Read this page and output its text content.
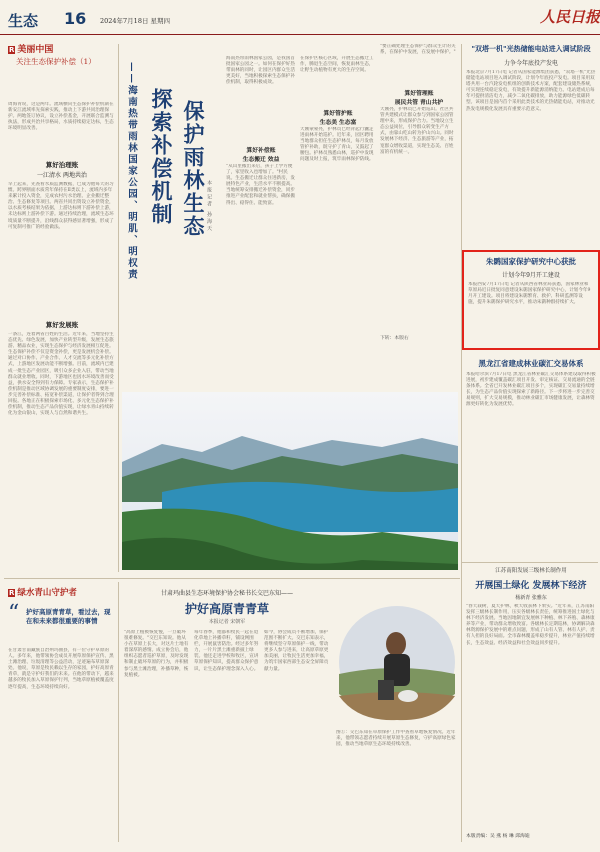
生态 16 2024年7月18日 星期四	人民日报
R 美丽中国
关注生态保护补偿（1）
周海青说，这是两年。流域横向生态保护补偿机制在新安江流域率先探索实践，推动上下游共同治理保护。两地签订协议，设立补偿基金，开展联合监测与执法，形成共治共享格局，水质持续稳定达标，生态环境明显改善。
算好治理账
一江清水 两地共治
早上起来，先查看水质监测数据，已成为他每天的习惯。跨界断面水质常年保持在Ⅱ类以上，流域内多年来累计投入资金，完成农村污水治理、企业搬迁整治、生态修复等项目。两省共同出资设立补偿资金，以水质考核结果为依据，上游达标则下游补偿上游，未达标则上游补偿下游。通过持续治理，流域生态环境质量不断提升，沿线群众获得感显著增强，形成了可复制可推广的经验做法。
算好发展账
一条江，连着两省百姓的生活。近年来，当地坚持生态优先、绿色发展，加快产业转型升级，发展生态旅游、精品农业，实现生态保护与经济发展相互促进。生态保护补偿不仅是资金补偿，更是发展机会补偿。通过对口协作、产业合作、人才交流等多元化补偿方式，上游地区发展动能不断增强。目前，流域内已建成一批生态产业园区，吸引众多企业入驻，带动当地群众就业增收。同时，下游地区也因水环境改善而受益，供水安全得到有力保障。专家表示，生态保护补偿机制是推动区域协调发展的重要制度安排，要进一步完善补偿标准、拓宽补偿渠道，让保护者得到合理回报。各地正在积极探索市场化、多元化生态保护补偿机制，推动生态产品价值实现，让绿水青山持续转化为金山银山，实现人与自然和谐共生。
保护雨林生态
探索补偿机制
——海南热带雨林国家公园、明肌、明权责	本报记者 孙海天
海南热带雨林国家公园，是我国首批国家公园之一。如何在保护好热带雨林的同时，让园区内群众生活更美好，当地积极探索生态保护补偿机制，取得积极成效。
算好补偿账
生态搬迁 效益
"从山里搬出来后，孩子上学方便了，家里收入也增加了。"村民说。生态搬迁让群众住进新房，发展特色产业，生活水平不断提高。当地统筹安排搬迁补偿资金，同步推进产业配套和就业帮扶，确保搬得出、稳得住、能致富。
在保护区核心区域，开展生态搬迁工作，腾退生态空间，恢复雨林生态，让野生动植物有更大的生存空间。
算好管护账
生态美 生态富
天刚蒙蒙亮，护林员已经背起行囊走进雨林开始巡护。近年来，园区聘用当地群众担任生态护林员，每月发放管护补助，既守护了青山，又鼓起了腰包。护林员熟悉山林，巡护中发现问题及时上报，筑牢雨林保护防线。
"要正确处理生态保护与群众生计的关系，在保护中发展，在发展中保护。"
算好管理账
展民共管 青山共护
天刚亮，护林员已开始巡山。社区共管共建模式让群众参与到国家公园管理中来，形成保护合力。当地设立生态公益岗位，引导群众转变生产方式，由靠山吃山转为护山兴山。同时发展林下经济、生态旅游等产业，拓宽群众增收渠道，实现生态美、百姓富的有机统一。
下转：本版右
"双塔一机"光热储能电站进入调试阶段
力争今年底投产发电
本报北京7月17日电 记者从国家能源集团获悉，"双塔一机"光热储能电站项目进入调试阶段，计划今年底投产发电。项目采用双塔共用一台汽轮发电机组的创新技术方案，配套建设储热系统，可实现连续稳定发电，有效提升新能源消纳能力。电站建成后每年可提供清洁电力，减少二氧化碳排放，助力能源绿色低碳转型。该项目是国内首个采用此类技术的光热储能电站，对推动光热发电规模化发展具有重要示范意义。
朱鹮国家保护研究中心获批
计划今年9月开工建设
本报西安7月17日电 记者从陕西省林业局获悉，国家林业和草原局近日批复同意建设朱鹮国家保护研究中心，计划今年9月开工建设。项目将建设朱鹮繁育、救护、科研监测等设施，提升朱鹮保护研究水平，推动朱鹮种群持续扩大。
黑龙江省建成林业碳汇交易体系
本报哈尔滨7月17日电 黑龙江省林业碳汇交易体系建设取得积极进展，初步建成覆盖碳汇项目开发、审定核证、交易流通的全链条体系。全省已开发林业碳汇项目多个，实现碳汇交易量持续增长，为生态产品价值实现探索了新路径。下一步将进一步完善交易规则，扩大交易规模，推动林业碳汇市场健康发展，让森林资源更好转化为发展优势。
江苏南阳发展三级林长制作用
开展国土绿化 发展林下经济
杨新青 张雅东
"春天栽树，夏天护林，秋天收获林下果实。"近年来，江苏南阳发挥三级林长制作用，压实各级林长责任，统筹推进国土绿化与林下经济发展。当地因地制宜发展林下种植、林下养殖、森林康养等产业，带动群众增收致富。各级林长定期巡林，协调解决森林资源保护发展中的难点问题，形成了山有人管、林有人护、责有人担的良好局面。全市森林覆盖率稳步提升，林业产值持续增长，生态效益、经济效益和社会效益同步提升。
本版责编：吴 燕 杨 琳 邱海迪
R 绿水青山守护者
“ 护好高原青青草，看过去，现在和未来都很重要的事情
在甘肃甘南藏族自治州玛曲县，有一位守护草原的人。多年来，他带领协会成员开展草原保护宣传、黑土滩治理、垃圾清理等公益活动，足迹遍布草原深处。他说，草原是牧民赖以生存的家园，护好高原青青草，就是守护好我们的未来。在他的带动下，越来越多的牧民加入草原保护行列，当地草原植被覆盖度逐年提高，生态环境持续向好。
甘肃玛曲县生态环境保护协会秘书长交巴东知——
护好高原青青草
本报记者 宋朝军
"高原上植被恢复慢，一旦破坏很难修复。"交巴东知说。他从小在草原上长大，对这片土地有着深厚的感情。成立协会后，他组织志愿者巡护草原，及时发现和制止破坏草原的行为，并积极参与黑土滩治理，补播草种，恢复植被。
每年春季，他都和牧民一起在退化草地上补播草籽，铺设网围栏，开展鼠害防治。经过多年努力，一片片黑土滩重新披上绿装。他还走进学校和牧区，宣讲草原保护知识，提高群众保护意识，让生态保护理念深入人心。
如今，协会成员不断增加，保护范围不断扩大。交巴东知表示，将继续坚守草原保护一线，带动更多人参与进来，让高原草原更加美丽，让牧民生活更加幸福，为筑牢国家西部生态安全屏障贡献力量。
图①：交巴东知在草原保护工作中查看草地恢复情况。近年来，他带领志愿者持续开展草原生态修复，守护高原绿色家园，推动当地草原生态环境持续改善。
